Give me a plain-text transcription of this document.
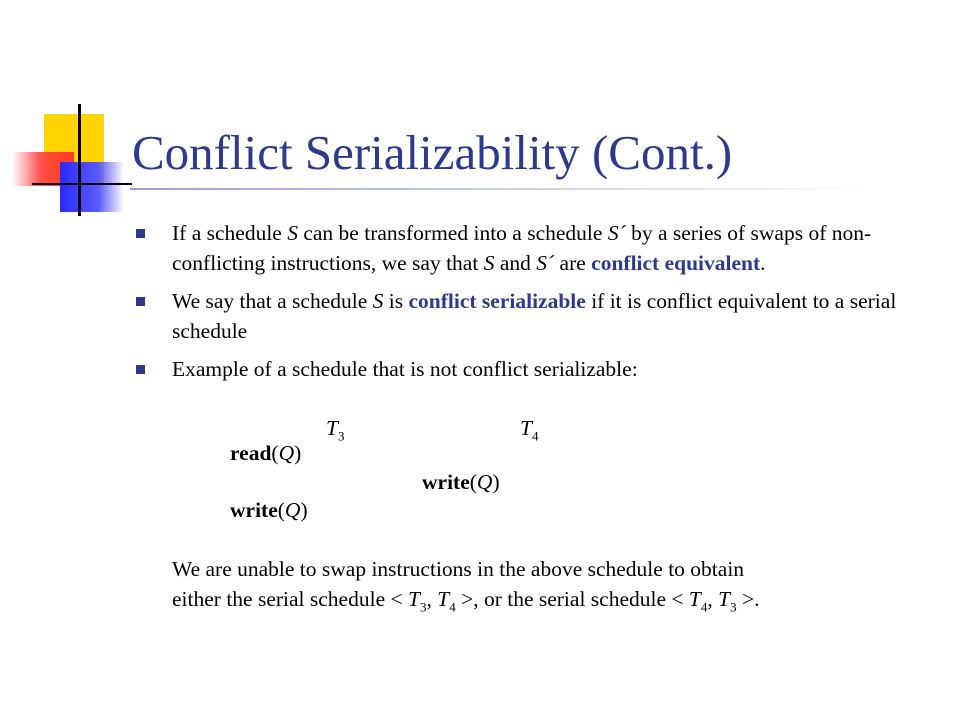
Conflict Serializability (Cont.)
If a schedule S can be transformed into a schedule S´ by a series of swaps of non-conflicting instructions, we say that S and S´ are conflict equivalent.
We say that a schedule S is conflict serializable if it is conflict equivalent to a serial schedule
Example of a schedule that is not conflict serializable:
$T_3$	$T_4$
read(Q)
write(Q)
write(Q)
We are unable to swap instructions in the above schedule to obtain
either the serial schedule < $T_3$, $T_4$ >, or the serial schedule < $T_4$, $T_3$ >.
